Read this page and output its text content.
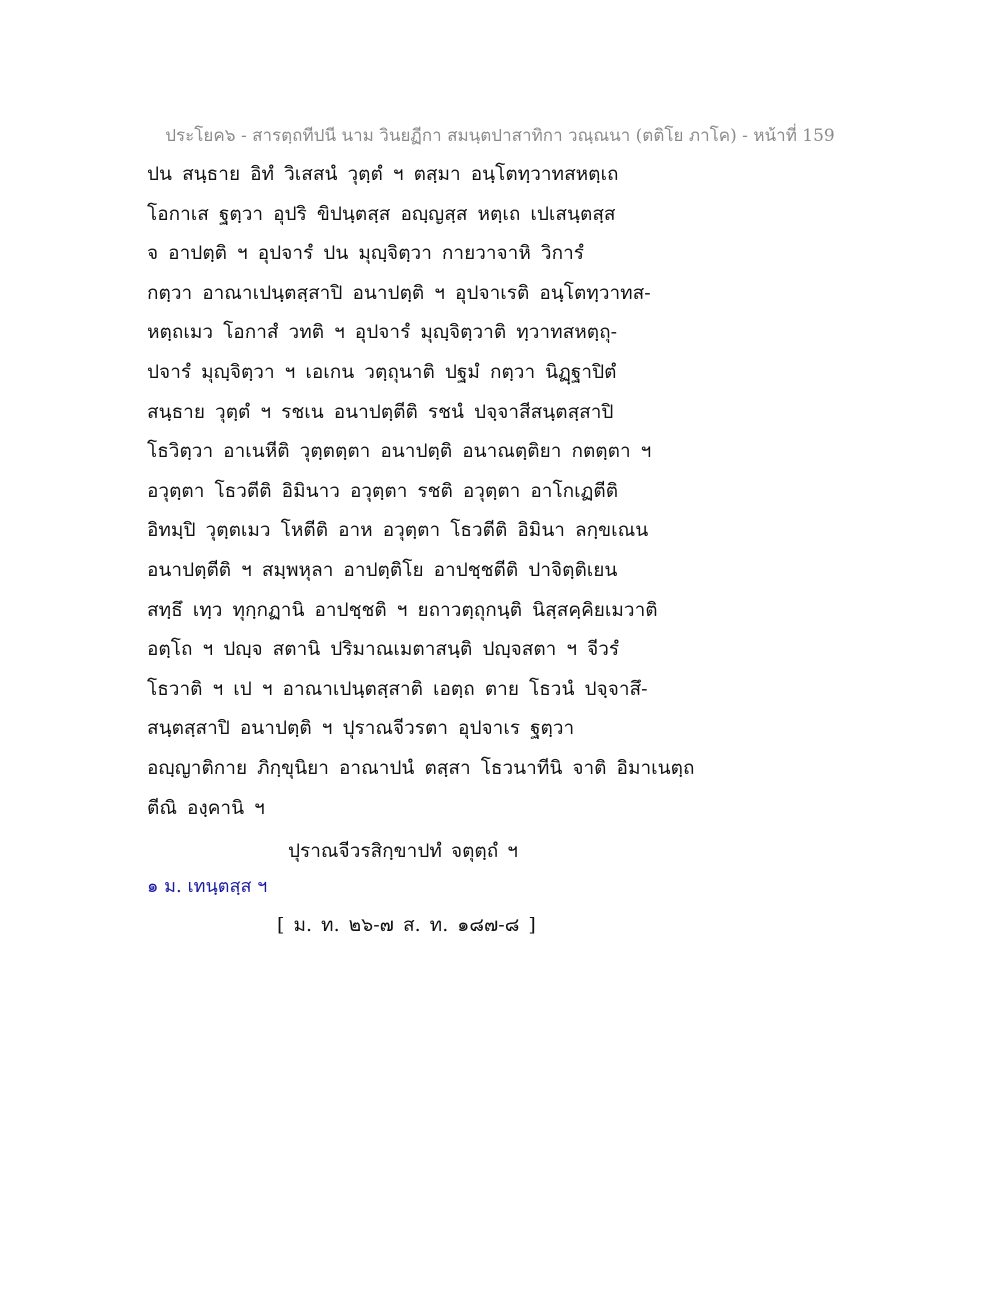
ประโยค๖ - สารตฺถทีปนี นาม วินยฏีกา สมนฺตปาสาทิกา วณฺณนา (ตติโย ภาโค) - หน้าที่ 159
ปน สนฺธาย อิทํ วิเสสนํ วุตฺตํ ฯ ตสฺมา อนฺโตทฺวาทสหตฺเถ
โอกาเส ฐตฺวา อุปริ ขิปนฺตสฺส อญฺญสฺส หตฺเถ เปเสนฺตสฺส
จ อาปตฺติ ฯ อุปจารํ ปน มุญฺจิตฺวา กายวาจาหิ วิการํ
กตฺวา อาณาเปนฺตสฺสาปิ อนาปตฺติ ฯ อุปจาเรติ อนฺโตทฺวาทส-
หตฺถเมว โอกาสํ วทติ ฯ อุปจารํ มุญฺจิตฺวาติ ทฺวาทสหตฺถุ-
ปจารํ มุญฺจิตฺวา ฯ เอเกน วตฺถุนาติ ปฐมํ กตฺวา นิฏฺฐาปิตํ
สนฺธาย วุตฺตํ ฯ รชเน อนาปตฺตีติ รชนํ ปจฺจาสีสนฺตสฺสาปิ
โธวิตฺวา อาเนหีติ วุตฺตตฺตา อนาปตฺติ อนาณตฺติยา กตตฺตา ฯ
อวุตฺตา โธวตีติ อิมินาว อวุตฺตา รชติ อวุตฺตา อาโกเฏตีติ
อิทมฺปิ วุตฺตเมว โหตีติ อาห อวุตฺตา โธวตีติ อิมินา ลกฺขเณน
อนาปตฺตีติ ฯ สมฺพหุลา อาปตฺติโย อาปชฺชตีติ ปาจิตฺติเยน
สทฺธึ เทฺว ทุกฺกฏานิ อาปชฺชติ ฯ ยถาวตฺถุกนฺติ นิสฺสคฺคิยเมวาติ
อตฺโถ ฯ ปญฺจ สตานิ ปริมาณเมตาสนฺติ ปญฺจสตา ฯ จีวรํ
โธวาติ ฯ เป ฯ อาณาเปนฺตสฺสาติ เอตฺถ ตาย โธวนํ ปจฺจาสึ-
สนฺตสฺสาปิ อนาปตฺติ ฯ ปุราณจีวรตา อุปจาเร ฐตฺวา
อญฺญาติกาย ภิกฺขุนิยา อาณาปนํ ตสฺสา โธวนาทีนิ จาติ อิมาเนตฺถ
ตีณิ องฺคานิ ฯ
ปุราณจีวรสิกฺขาปทํ จตุตฺถํ ฯ
๑ ม. เทนฺตสฺส ฯ
[ ม. ท. ๒๖-๗ ส. ท. ๑๘๗-๘ ]
